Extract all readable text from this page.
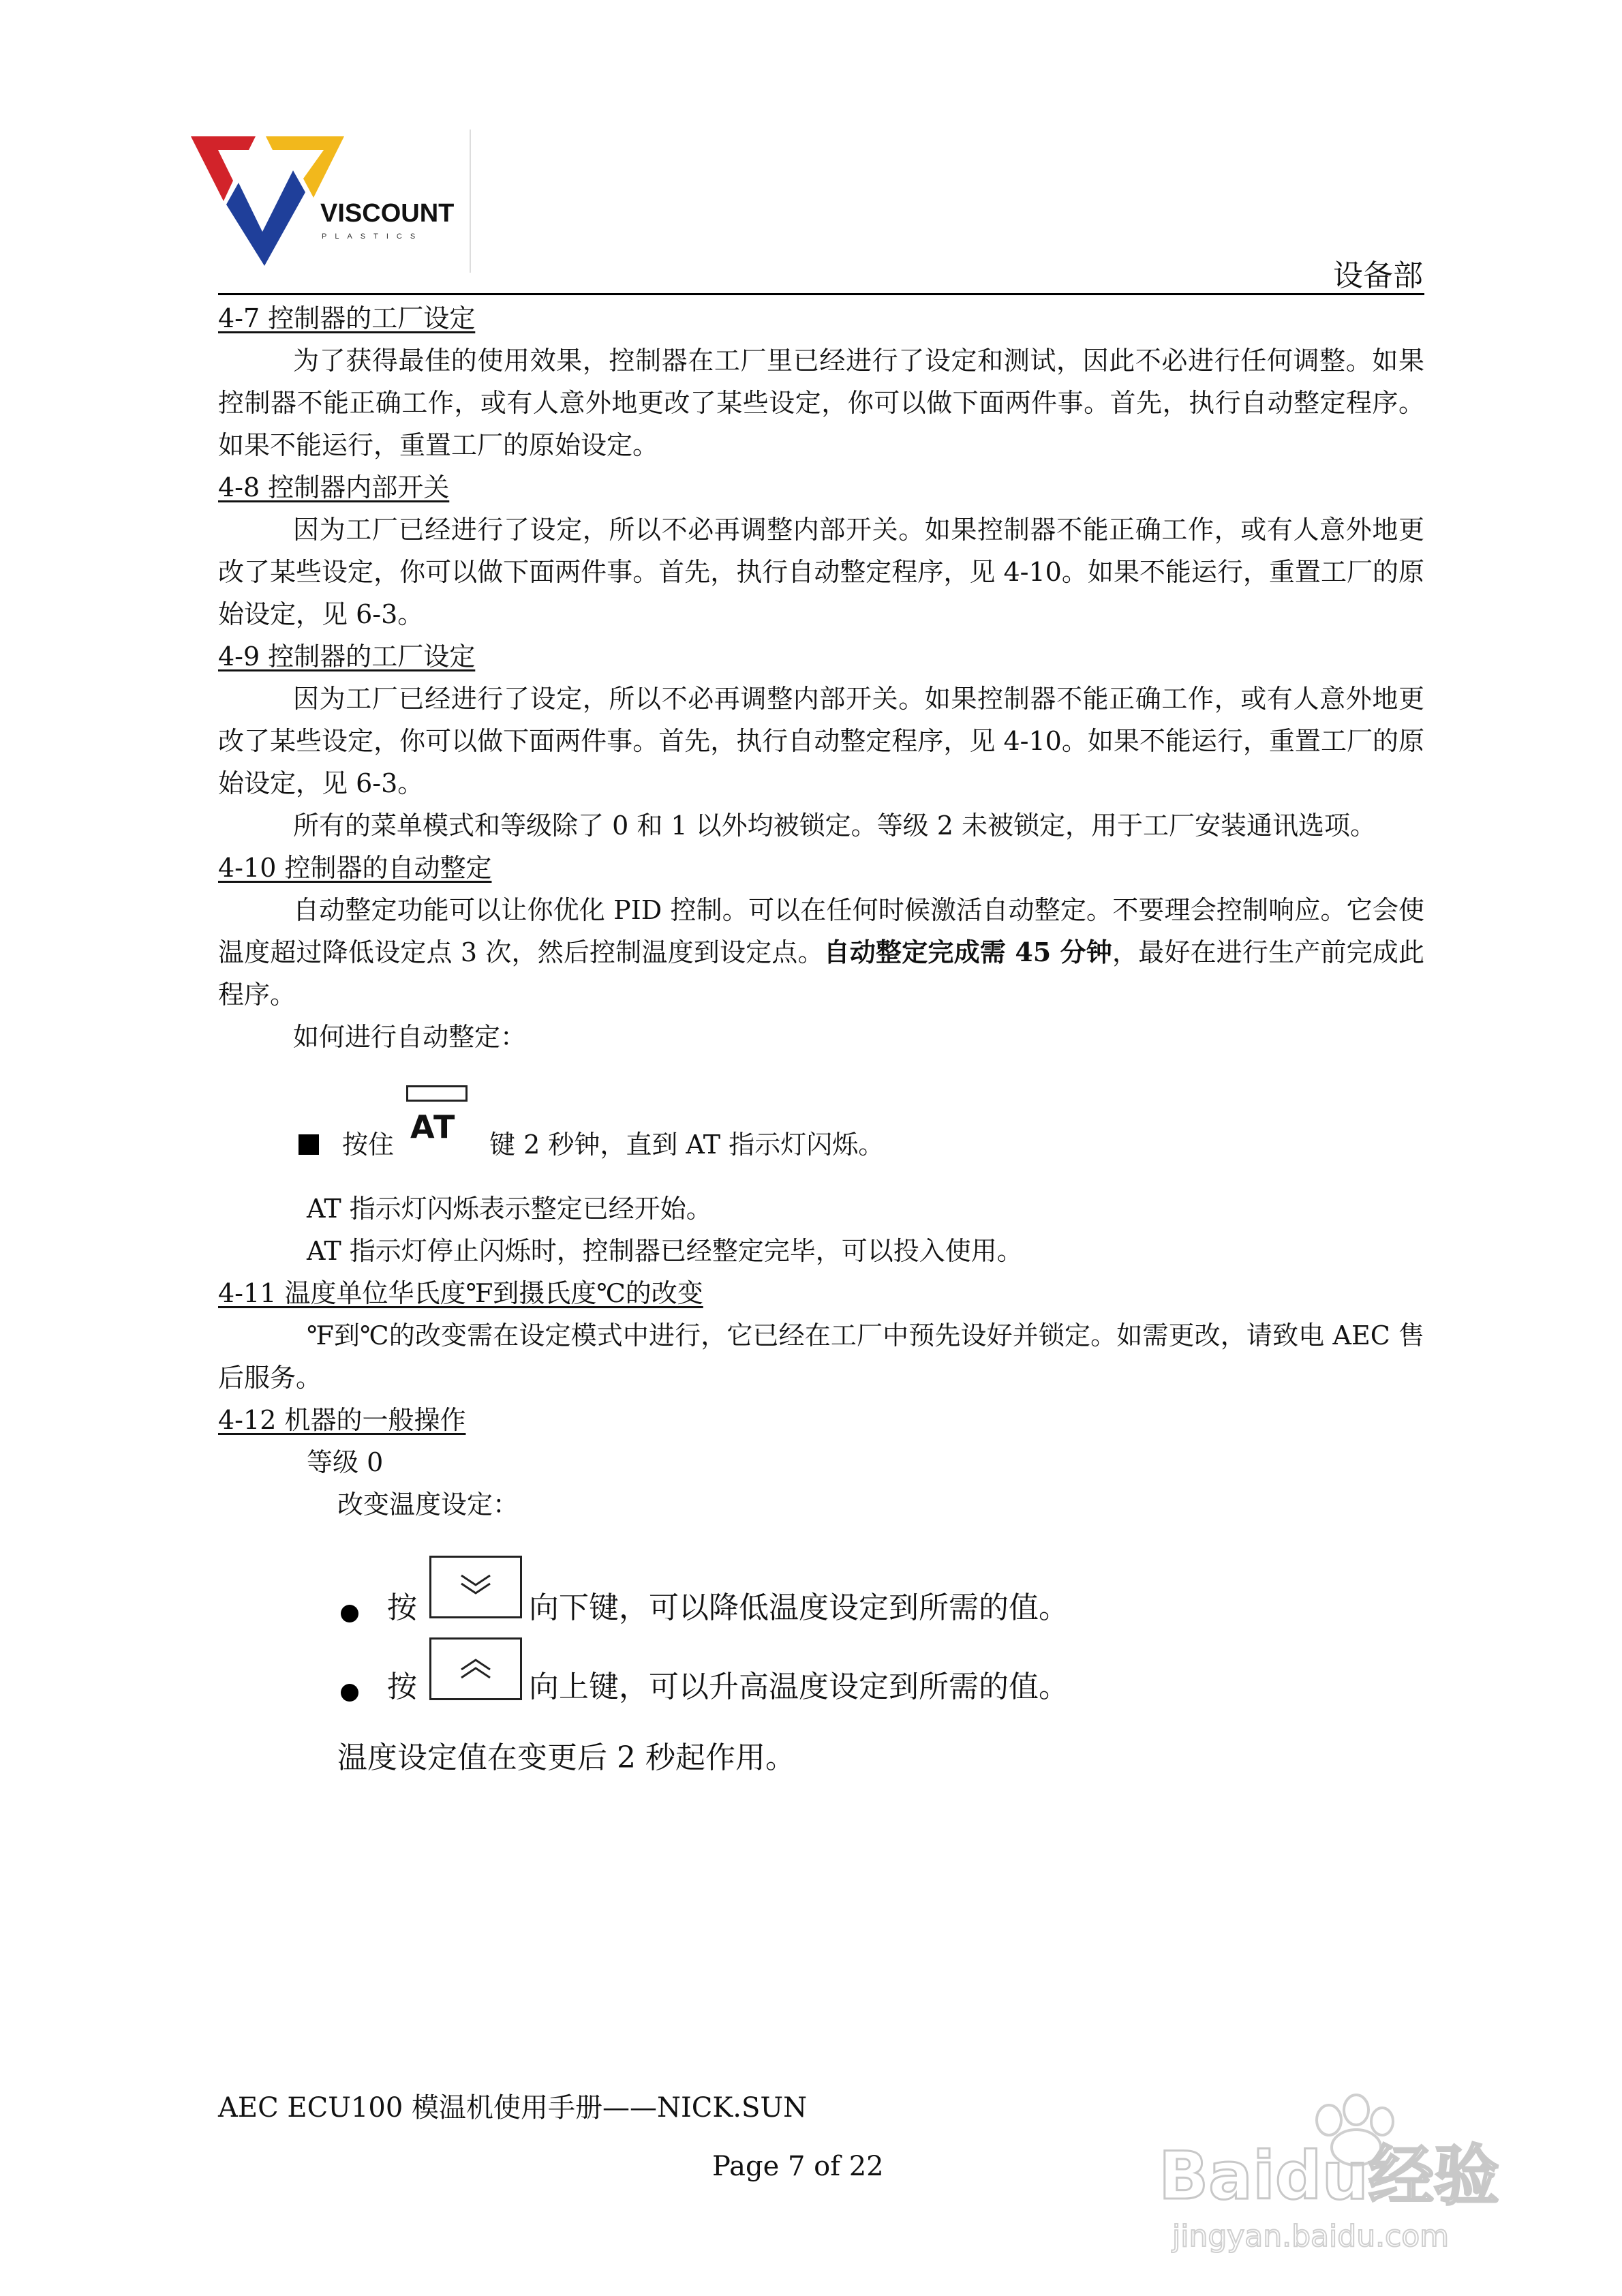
VISCOUNT
PLASTICS
设备部
4-7 控制器的工厂设定
为了获得最佳的使用效果，控制器在工厂里已经进行了设定和测试，因此不必进行任何调整。如果控制器不能正确工作，或有人意外地更改了某些设定，你可以做下面两件事。首先，执行自动整定程序。如果不能运行，重置工厂的原始设定。
4-8 控制器内部开关
因为工厂已经进行了设定，所以不必再调整内部开关。如果控制器不能正确工作，或有人意外地更改了某些设定，你可以做下面两件事。首先，执行自动整定程序，见 4-10。如果不能运行，重置工厂的原始设定，见 6-3。
4-9 控制器的工厂设定
因为工厂已经进行了设定，所以不必再调整内部开关。如果控制器不能正确工作，或有人意外地更改了某些设定，你可以做下面两件事。首先，执行自动整定程序，见 4-10。如果不能运行，重置工厂的原始设定，见 6-3。
所有的菜单模式和等级除了 0 和 1 以外均被锁定。等级 2 未被锁定，用于工厂安装通讯选项。
4-10 控制器的自动整定
自动整定功能可以让你优化 PID 控制。可以在任何时候激活自动整定。不要理会控制响应。它会使温度超过降低设定点 3 次，然后控制温度到设定点。自动整定完成需 45 分钟，最好在进行生产前完成此程序。
如何进行自动整定：
AT
按住	键 2 秒钟，直到 AT 指示灯闪烁。
AT 指示灯闪烁表示整定已经开始。
AT 指示灯停止闪烁时，控制器已经整定完毕，可以投入使用。
4-11 温度单位华氏度℉到摄氏度℃的改变
℉到℃的改变需在设定模式中进行，它已经在工厂中预先设好并锁定。如需更改，请致电 AEC 售后服务。
4-12 机器的一般操作
等级 0
改变温度设定：
按	向下键，可以降低温度设定到所需的值。
按	向上键，可以升高温度设定到所需的值。
温度设定值在变更后 2 秒起作用。
AEC ECU100 模温机使用手册——NICK.SUN
Page 7 of 22	Baidu经验
jingyan.baidu.com
